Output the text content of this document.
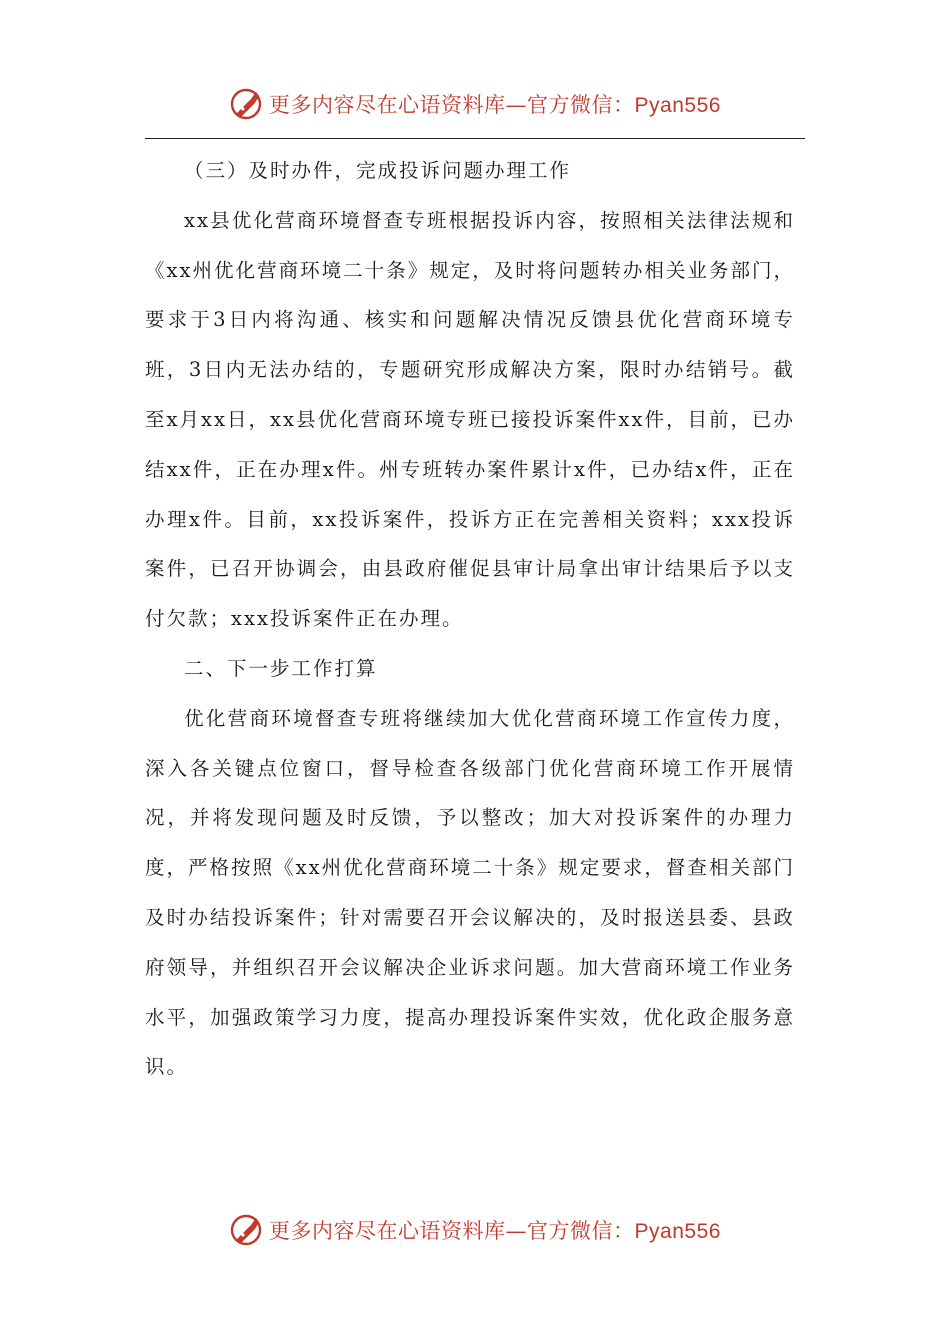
更多内容尽在心语资料库—官方微信：Pyan556

（三）及时办件，完成投诉问题办理工作

xx县优化营商环境督查专班根据投诉内容，按照相关法律法规和《xx州优化营商环境二十条》规定，及时将问题转办相关业务部门，要求于3日内将沟通、核实和问题解决情况反馈县优化营商环境专班，3日内无法办结的，专题研究形成解决方案，限时办结销号。截至x月xx日，xx县优化营商环境专班已接投诉案件xx件，目前，已办结xx件，正在办理x件。州专班转办案件累计x件，已办结x件，正在办理x件。目前，xx投诉案件，投诉方正在完善相关资料；xxx投诉案件，已召开协调会，由县政府催促县审计局拿出审计结果后予以支付欠款；xxx投诉案件正在办理。

二、下一步工作打算

优化营商环境督查专班将继续加大优化营商环境工作宣传力度，深入各关键点位窗口，督导检查各级部门优化营商环境工作开展情况，并将发现问题及时反馈，予以整改；加大对投诉案件的办理力度，严格按照《xx州优化营商环境二十条》规定要求，督查相关部门及时办结投诉案件；针对需要召开会议解决的，及时报送县委、县政府领导，并组织召开会议解决企业诉求问题。加大营商环境工作业务水平，加强政策学习力度，提高办理投诉案件实效，优化政企服务意识。

更多内容尽在心语资料库—官方微信：Pyan556
